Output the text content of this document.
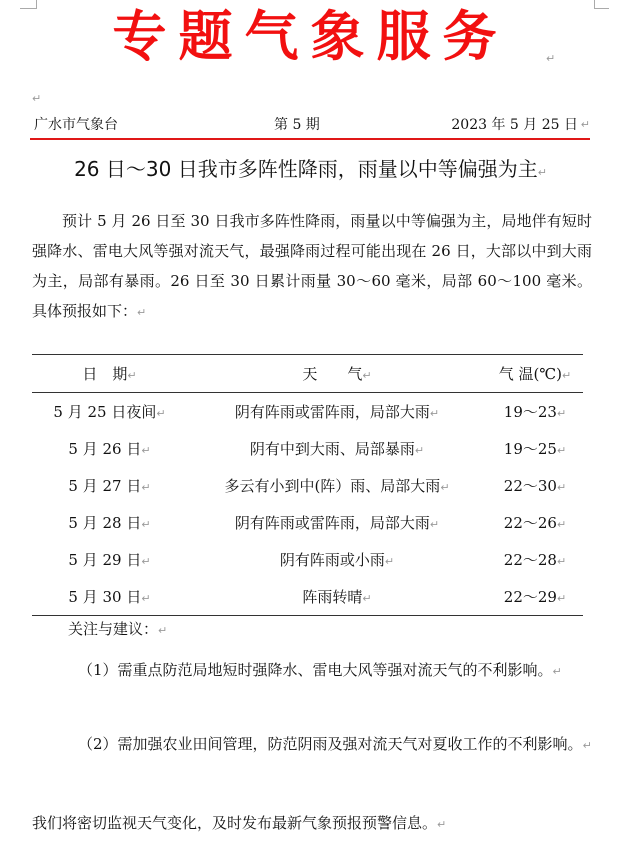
专题气象服务	↵
↵
广水市气象台	第 5 期	2023 年 5 月 25 日 ↵
26 日～30 日我市多阵性降雨，雨量以中等偏强为主↵
预计 5 月 26 日至 30 日我市多阵性降雨，雨量以中等偏强为主，局地伴有短时强降水、雷电大风等强对流天气，最强降雨过程可能出现在 26 日，大部以中到大雨为主，局部有暴雨。26 日至 30 日累计雨量 30～60 毫米，局部 60～100 毫米。具体预报如下：↵
日　期↵	天　　气↵	气 温(℃)↵
5 月 25 日夜间↵	阴有阵雨或雷阵雨，局部大雨↵	19～23↵
5 月 26 日↵	阴有中到大雨、局部暴雨↵	19～25↵
5 月 27 日↵	多云有小到中(阵）雨、局部大雨↵	22～30↵
5 月 28 日↵	阴有阵雨或雷阵雨，局部大雨↵	22～26↵
5 月 29 日↵	阴有阵雨或小雨↵	22～28↵
5 月 30 日↵	阵雨转晴↵	22～29↵
关注与建议：↵
（1）需重点防范局地短时强降水、雷电大风等强对流天气的不利影响。↵
（2）需加强农业田间管理，防范阴雨及强对流天气对夏收工作的不利影响。↵
我们将密切监视天气变化，及时发布最新气象预报预警信息。↵
